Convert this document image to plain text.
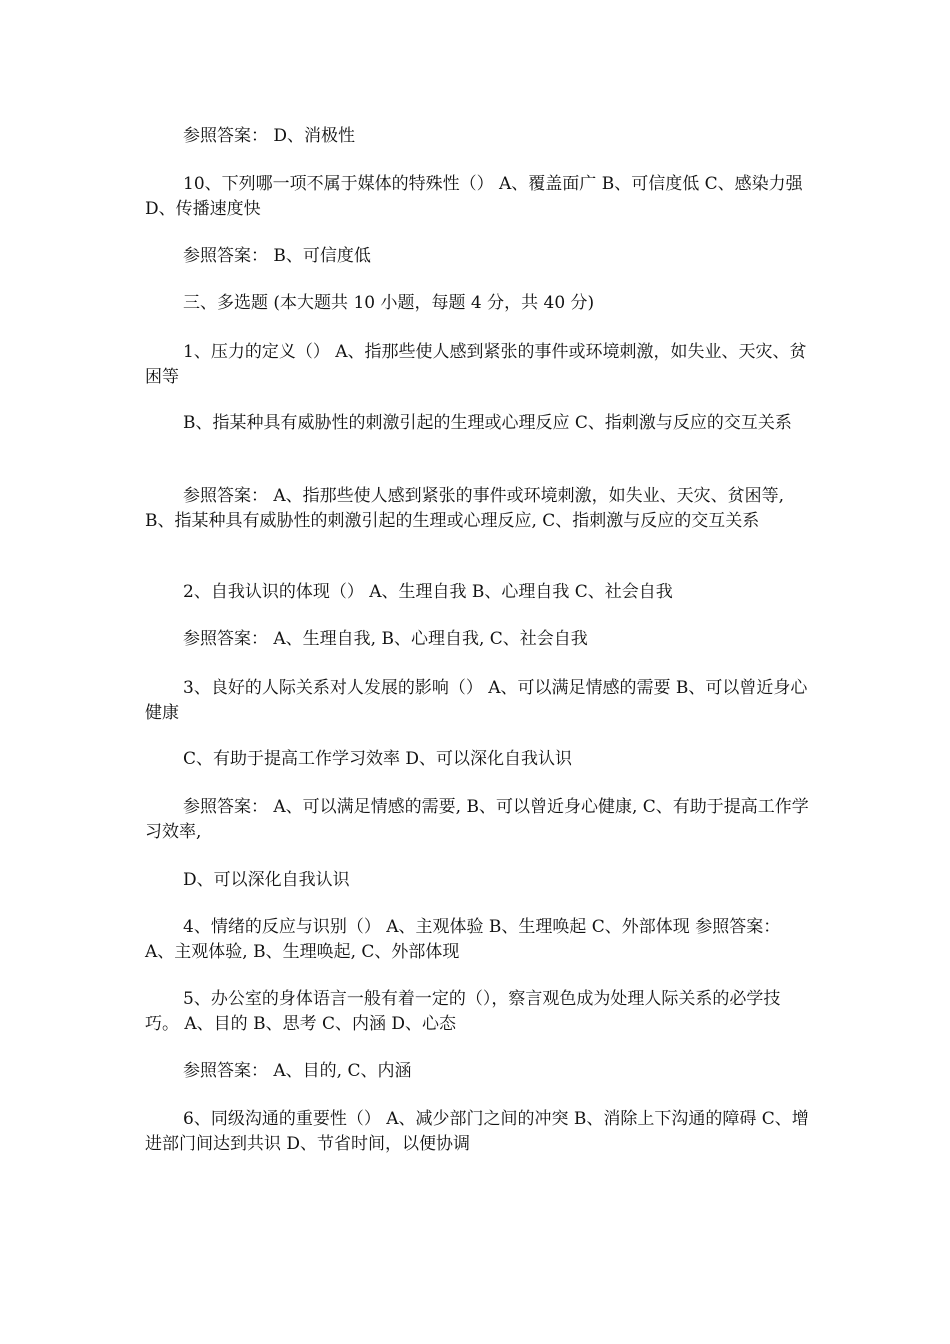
参照答案： D、消极性

10、下列哪一项不属于媒体的特殊性（） A、覆盖面广 B、可信度低 C、感染力强 D、传播速度快

参照答案： B、可信度低

三、多选题 (本大题共 10 小题，每题 4 分，共 40 分)

1、压力的定义（） A、指那些使人感到紧张的事件或环境刺激，如失业、天灾、贫困等

B、指某种具有威胁性的刺激引起的生理或心理反应 C、指刺激与反应的交互关系

参照答案： A、指那些使人感到紧张的事件或环境刺激，如失业、天灾、贫困等, B、指某种具有威胁性的刺激引起的生理或心理反应, C、指刺激与反应的交互关系

2、自我认识的体现（） A、生理自我 B、心理自我 C、社会自我

参照答案： A、生理自我, B、心理自我, C、社会自我

3、良好的人际关系对人发展的影响（） A、可以满足情感的需要 B、可以曾近身心健康

C、有助于提高工作学习效率 D、可以深化自我认识

参照答案： A、可以满足情感的需要, B、可以曾近身心健康, C、有助于提高工作学习效率,

D、可以深化自我认识

4、情绪的反应与识别（） A、主观体验 B、生理唤起 C、外部体现 参照答案： A、主观体验, B、生理唤起, C、外部体现

5、办公室的身体语言一般有着一定的（），察言观色成为处理人际关系的必学技巧。 A、目的 B、思考 C、内涵 D、心态

参照答案： A、目的, C、内涵

6、同级沟通的重要性（） A、减少部门之间的冲突 B、消除上下沟通的障碍 C、增进部门间达到共识 D、节省时间，以便协调
